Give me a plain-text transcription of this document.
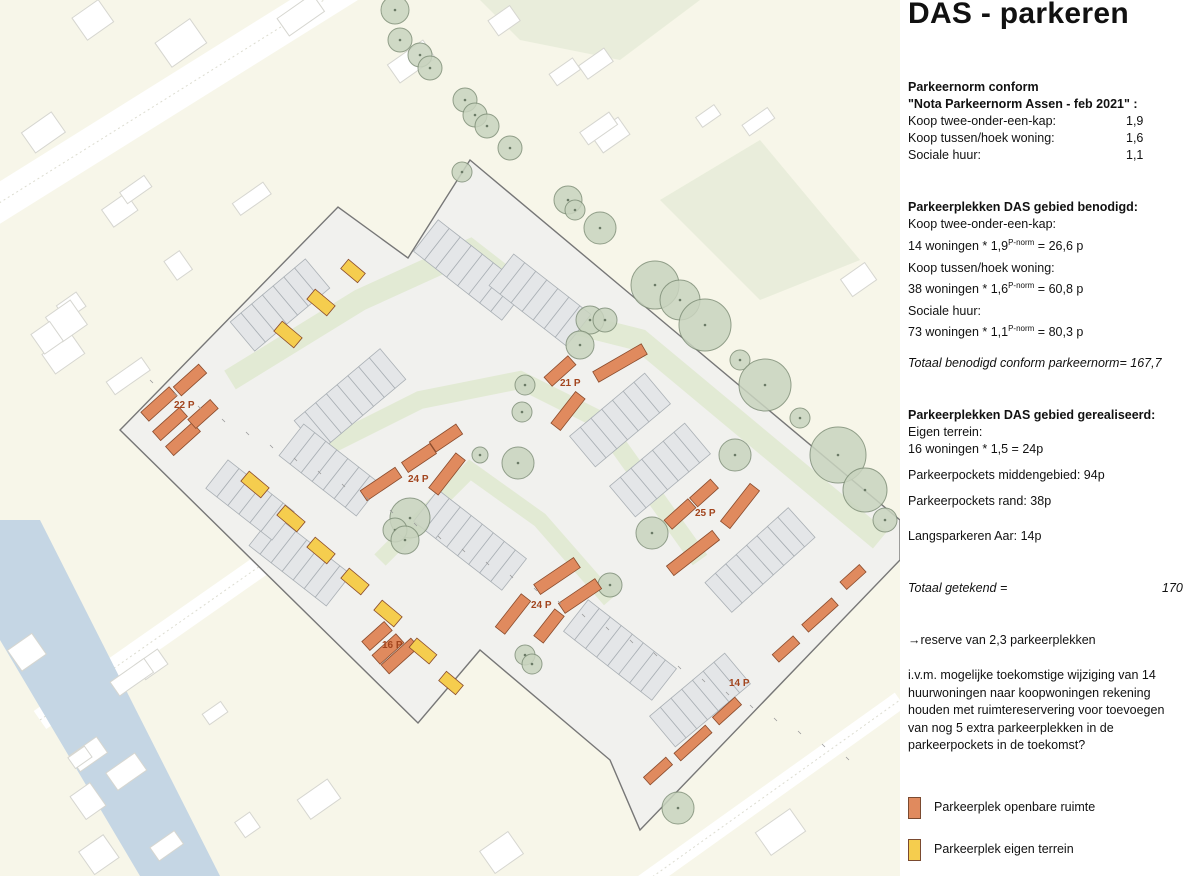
22 P
21 P
24 P
25 P
24 P
16 P
14 P
DAS - parkeren
Parkeernorm conform
"Nota Parkeernorm Assen - feb 2021" :
Koop twee-onder-een-kap:	1,9
Koop tussen/hoek woning:	1,6
Sociale huur:	1,1
Parkeerplekken DAS gebied benodigd:
Koop twee-onder-een-kap:
14 woningen * $1,9^{P-norm} = 26,6$ p
Koop tussen/hoek woning:
38 woningen * $1,6^{P-norm} = 60,8$ p
Sociale huur:
73 woningen * $1,1^{P-norm} = 80,3$ p
Totaal benodigd conform parkeernorm= 167,7
Parkeerplekken DAS gebied gerealiseerd:
Eigen terrein:
16 woningen * 1,5 = 24p
Parkeerpockets middengebied: 94p
Parkeerpockets rand: 38p
Langsparkeren Aar: 14p
Totaal getekend =	170
→reserve van 2,3 parkeerplekken
i.v.m. mogelijke toekomstige wijziging van 14
huurwoningen naar koopwoningen rekening
houden met ruimtereservering voor toevoegen
van nog 5 extra parkeerplekken in de
parkeerpockets in de toekomst?
Parkeerplek openbare ruimte
Parkeerplek eigen terrein
